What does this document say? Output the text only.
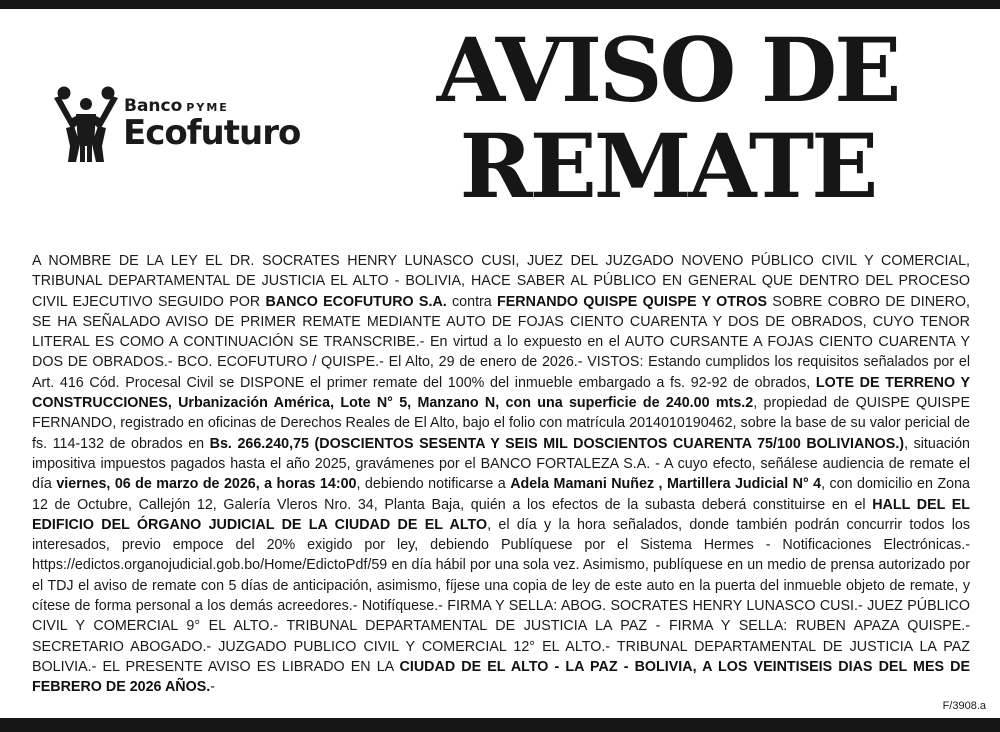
Banco PYME
Ecofuturo
AVISO DE
REMATE
A NOMBRE DE LA LEY EL DR. SOCRATES HENRY LUNASCO CUSI, JUEZ DEL JUZGADO NOVENO PÚBLICO CIVIL Y COMERCIAL, TRIBUNAL DEPARTAMENTAL DE JUSTICIA EL ALTO - BOLIVIA, HACE SABER AL PÚBLICO EN GENERAL QUE DENTRO DEL PROCESO CIVIL EJECUTIVO SEGUIDO POR BANCO ECOFUTURO S.A. contra FERNANDO QUISPE QUISPE Y OTROS SOBRE COBRO DE DINERO, SE HA SEÑALADO AVISO DE PRIMER REMATE MEDIANTE AUTO DE FOJAS CIENTO CUARENTA Y DOS DE OBRADOS, CUYO TENOR LITERAL ES COMO A CONTINUACIÓN SE TRANSCRIBE.- En virtud a lo expuesto en el AUTO CURSANTE A FOJAS CIENTO CUARENTA Y DOS DE OBRADOS.- BCO. ECOFUTURO / QUISPE.- El Alto, 29 de enero de 2026.- VISTOS: Estando cumplidos los requisitos señalados por el Art. 416 Cód. Procesal Civil se DISPONE el primer remate del 100% del inmueble embargado a fs. 92-92 de obrados, LOTE DE TERRENO Y CONSTRUCCIONES, Urbanización América, Lote N° 5, Manzano N, con una superficie de 240.00 mts.2, propiedad de QUISPE QUISPE FERNANDO, registrado en oficinas de Derechos Reales de El Alto, bajo el folio con matrícula 2014010190462, sobre la base de su valor pericial de fs. 114-132 de obrados en Bs. 266.240,75 (DOSCIENTOS SESENTA Y SEIS MIL DOSCIENTOS CUARENTA 75/100 BOLIVIANOS.), situación impositiva impuestos pagados hasta el año 2025, gravámenes por el BANCO FORTALEZA S.A. - A cuyo efecto, señálese audiencia de remate el día viernes, 06 de marzo de 2026, a horas 14:00, debiendo notificarse a Adela Mamani Nuñez , Martillera Judicial N° 4, con domicilio en Zona 12 de Octubre, Callejón 12, Galería Vleros Nro. 34, Planta Baja, quién a los efectos de la subasta deberá constituirse en el HALL DEL EL EDIFICIO DEL ÓRGANO JUDICIAL DE LA CIUDAD DE EL ALTO, el día y la hora señalados, donde también podrán concurrir todos los interesados, previo empoce del 20% exigido por ley, debiendo Publíquese por el Sistema Hermes - Notificaciones Electrónicas.- https://edictos.organojudicial.gob.bo/Home/EdictoPdf/59 en día hábil por una sola vez. Asimismo, publíquese en un medio de prensa autorizado por el TDJ el aviso de remate con 5 días de anticipación, asimismo, fíjese una copia de ley de este auto en la puerta del inmueble objeto de remate, y cítese de forma personal a los demás acreedores.- Notifíquese.- FIRMA Y SELLA: ABOG. SOCRATES HENRY LUNASCO CUSI.- JUEZ PÚBLICO CIVIL Y COMERCIAL 9° EL ALTO.- TRIBUNAL DEPARTAMENTAL DE JUSTICIA LA PAZ - FIRMA Y SELLA: RUBEN APAZA QUISPE.- SECRETARIO ABOGADO.- JUZGADO PUBLICO CIVIL Y COMERCIAL 12° EL ALTO.- TRIBUNAL DEPARTAMENTAL DE JUSTICIA LA PAZ BOLIVIA.- EL PRESENTE AVISO ES LIBRADO EN LA CIUDAD DE EL ALTO - LA PAZ - BOLIVIA, A LOS VEINTISEIS DIAS DEL MES DE FEBRERO DE 2026 AÑOS.-
F/3908.a
